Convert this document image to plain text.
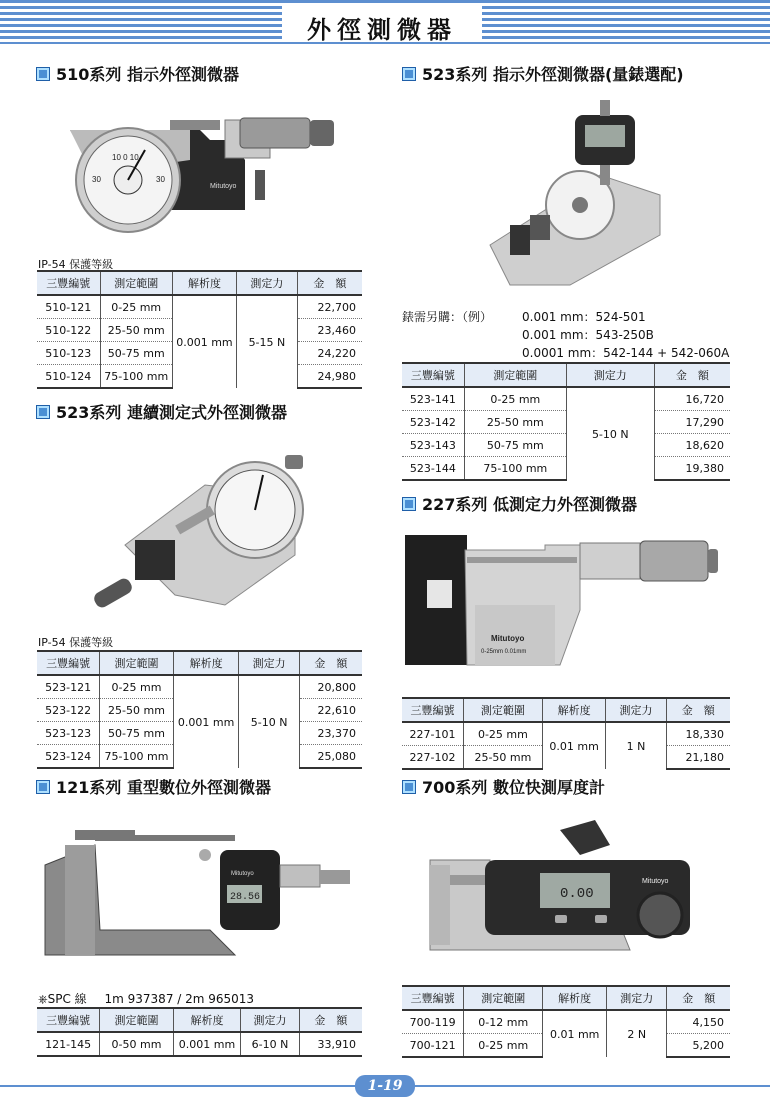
外徑測微器
510系列 指示外徑測微器
10 0 10
30	30
Mitutoyo
IP-54 保護等級
三豐編號	測定範圍	解析度	測定力	金　額
510-121	0-25 mm	0.001 mm	5-15 N	22,700
510-122	25-50 mm			23,460
510-123	50-75 mm			24,220
510-124	75-100 mm			24,980
523系列 指示外徑測微器(量錶選配)
錶需另購：（例） 0.001 mm：524-501
0.001 mm：543-250B
0.0001 mm：542-144 + 542-060A
三豐編號	測定範圍	測定力	金　額
523-141	0-25 mm	5-10 N	16,720
523-142	25-50 mm		17,290
523-143	50-75 mm		18,620
523-144	75-100 mm		19,380
523系列 連續測定式外徑測微器
IP-54 保護等級
三豐編號	測定範圍	解析度	測定力	金　額
523-121	0-25 mm	0.001 mm	5-10 N	20,800
523-122	25-50 mm			22,610
523-123	50-75 mm			23,370
523-124	75-100 mm			25,080
227系列 低測定力外徑測微器
Mitutoyo
0-25mm 0.01mm
三豐編號	測定範圍	解析度	測定力	金　額
227-101	0-25 mm	0.01 mm	1 N	18,330
227-102	25-50 mm			21,180
121系列 重型數位外徑測微器
28.56
Mitutoyo
⎈SPC 線 1m 937387 / 2m 965013
三豐編號	測定範圍	解析度	測定力	金　額
121-145	0-50 mm	0.001 mm	6-10 N	33,910
700系列 數位快測厚度計
0.00
Mitutoyo
三豐編號	測定範圍	解析度	測定力	金　額
700-119	0-12 mm	0.01 mm	2 N	4,150
700-121	0-25 mm			5,200
1-19
